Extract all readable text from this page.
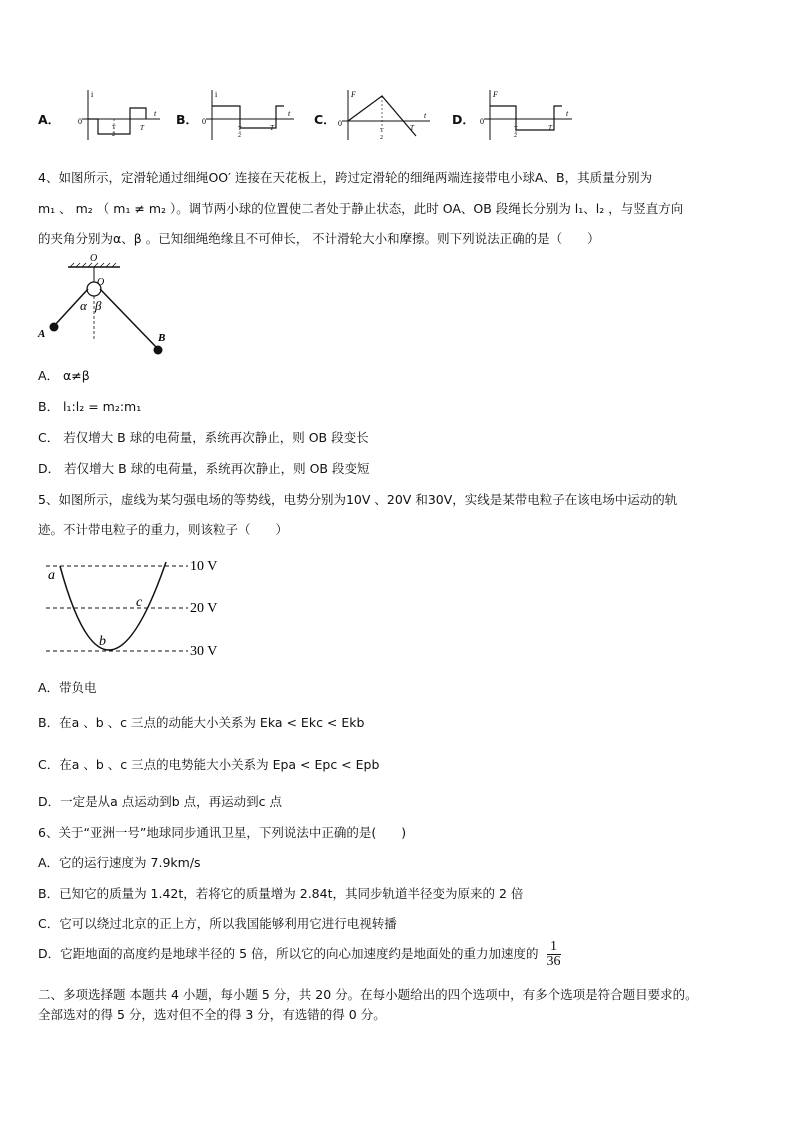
A．	B．	C．	D．
i
t
0
T
2
T
i
t
0
T
2
T
F
t
0
T
2
T
F
t
0
T
2
T
4、如图所示，定滑轮通过细绳OO′ 连接在天花板上，跨过定滑轮的细绳两端连接带电小球A、B，其质量分别为
m₁ 、 m₂ （ m₁ ≠ m₂ ）。调节两小球的位置使二者处于静止状态，此时 OA、OB 段绳长分别为 l₁、l₂ ，与竖直方向
的夹角分别为α、β 。已知细绳绝缘且不可伸长， 不计滑轮大小和摩擦。则下列说法正确的是（　　）
O
O
α β
A	B
A． α≠β
B． l₁:l₂ = m₂:m₁
C． 若仅增大 B 球的电荷量，系统再次静止，则 OB 段变长
D． 若仅增大 B 球的电荷量，系统再次静止，则 OB 段变短
5、如图所示，虚线为某匀强电场的等势线，电势分别为10V 、20V 和30V，实线是某带电粒子在该电场中运动的轨
迹。不计带电粒子的重力，则该粒子（　　）
10 V
20 V
30 V
a
b
c
A．带负电
B．在a 、b 、c 三点的动能大小关系为 Eka < Ekc < Ekb
C．在a 、b 、c 三点的电势能大小关系为 Epa < Epc < Epb
D．一定是从a 点运动到b 点，再运动到c 点
6、关于“亚洲一号”地球同步通讯卫星，下列说法中正确的是(　　)
A．它的运行速度为 7.9km/s
B．已知它的质量为 1.42t，若将它的质量增为 2.84t，其同步轨道半径变为原来的 2 倍
C．它可以绕过北京的正上方，所以我国能够利用它进行电视转播
D．它距地面的高度约是地球半径的 5 倍，所以它的向心加速度约是地面处的重力加速度的 $\frac{1}{36}$
二、多项选择题 本题共 4 小题，每小题 5 分，共 20 分。在每小题给出的四个选项中，有多个选项是符合题目要求的。
全部选对的得 5 分，选对但不全的得 3 分，有选错的得 0 分。
